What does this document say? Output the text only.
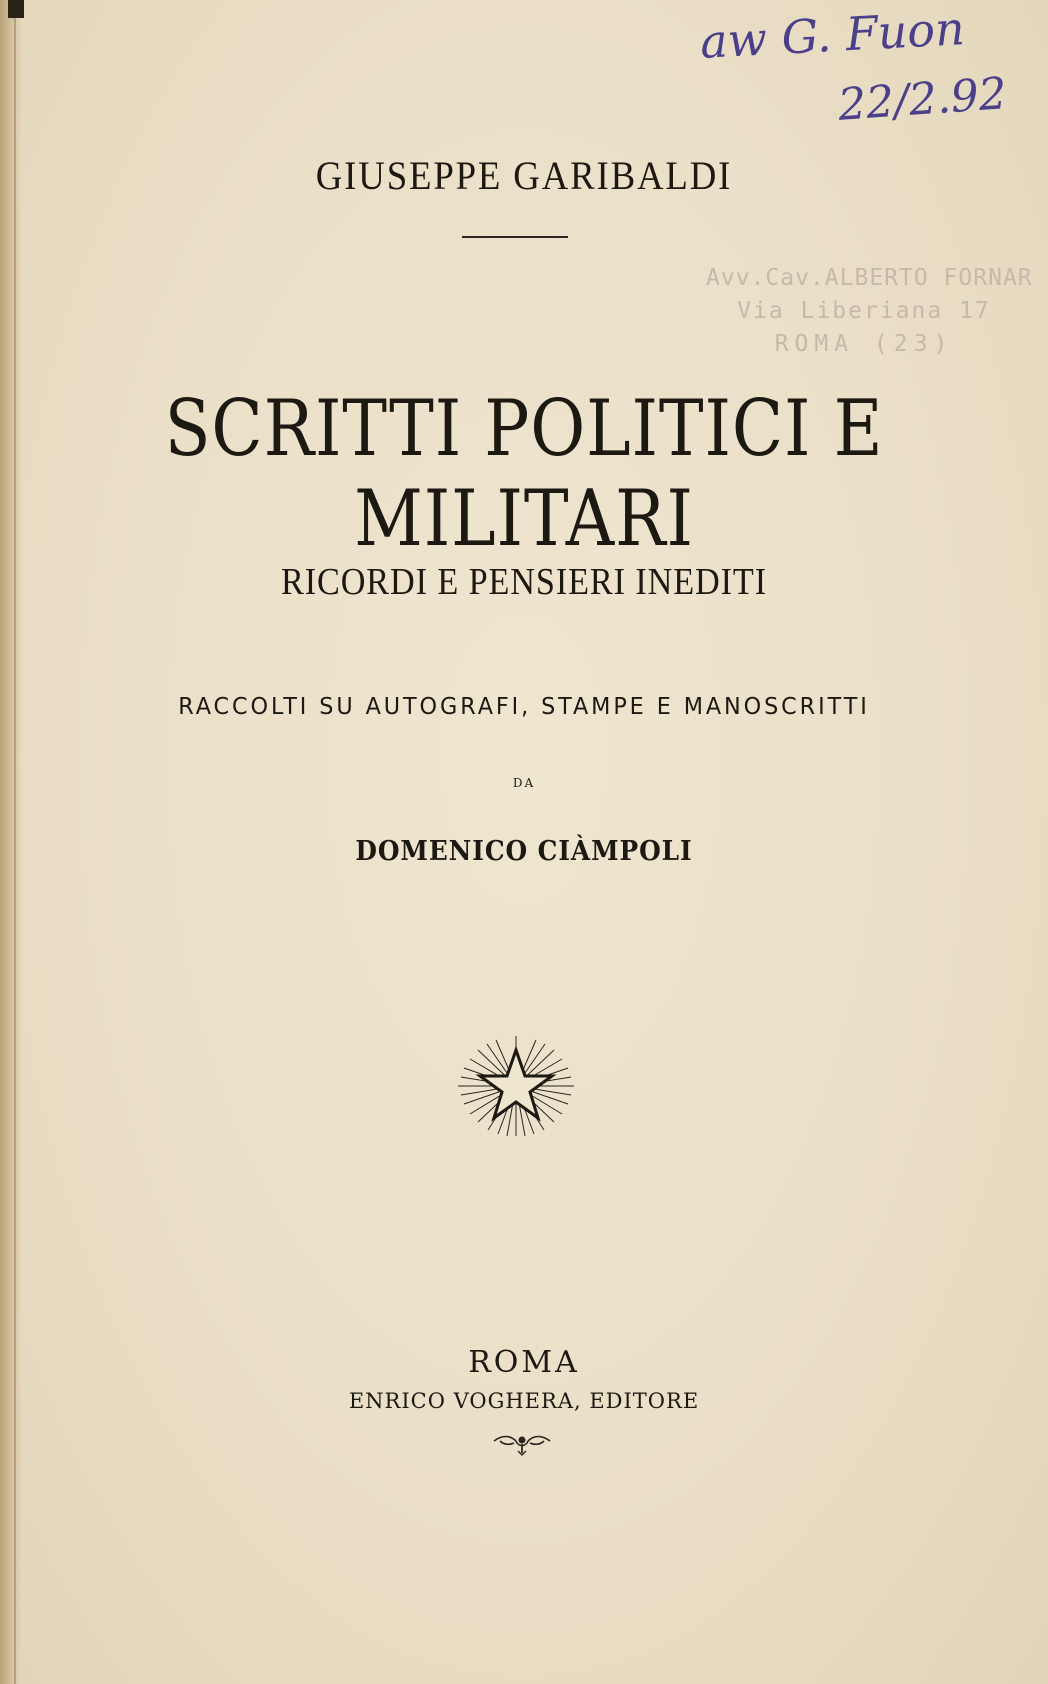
aw G. Fuon
22/2.92
Avv.Cav.ALBERTO FORNAR
Via Liberiana 17
ROMA (23)
GIUSEPPE GARIBALDI
SCRITTI POLITICI E MILITARI
RICORDI E PENSIERI INEDITI
RACCOLTI SU AUTOGRAFI, STAMPE E MANOSCRITTI
DA
DOMENICO CIÀMPOLI
ROMA
ENRICO VOGHERA, EDITORE
